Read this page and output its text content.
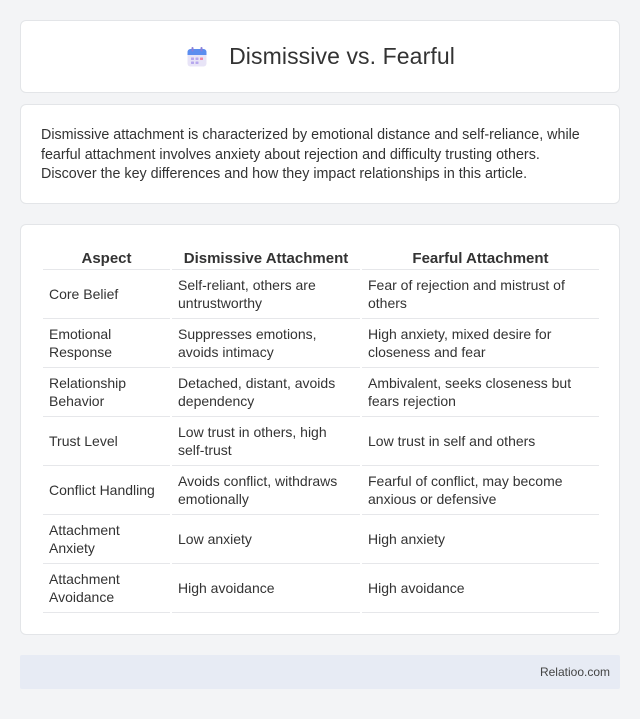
Dismissive vs. Fearful

Dismissive attachment is characterized by emotional distance and self-reliance, while fearful attachment involves anxiety about rejection and difficulty trusting others. Discover the key differences and how they impact relationships in this article.

Aspect	Dismissive Attachment	Fearful Attachment
Core Belief	Self-reliant, others are untrustworthy	Fear of rejection and mistrust of others
Emotional Response	Suppresses emotions, avoids intimacy	High anxiety, mixed desire for closeness and fear
Relationship Behavior	Detached, distant, avoids dependency	Ambivalent, seeks closeness but fears rejection
Trust Level	Low trust in others, high self-trust	Low trust in self and others
Conflict Handling	Avoids conflict, withdraws emotionally	Fearful of conflict, may become anxious or defensive
Attachment Anxiety	Low anxiety	High anxiety
Attachment Avoidance	High avoidance	High avoidance
Relatioo.com
